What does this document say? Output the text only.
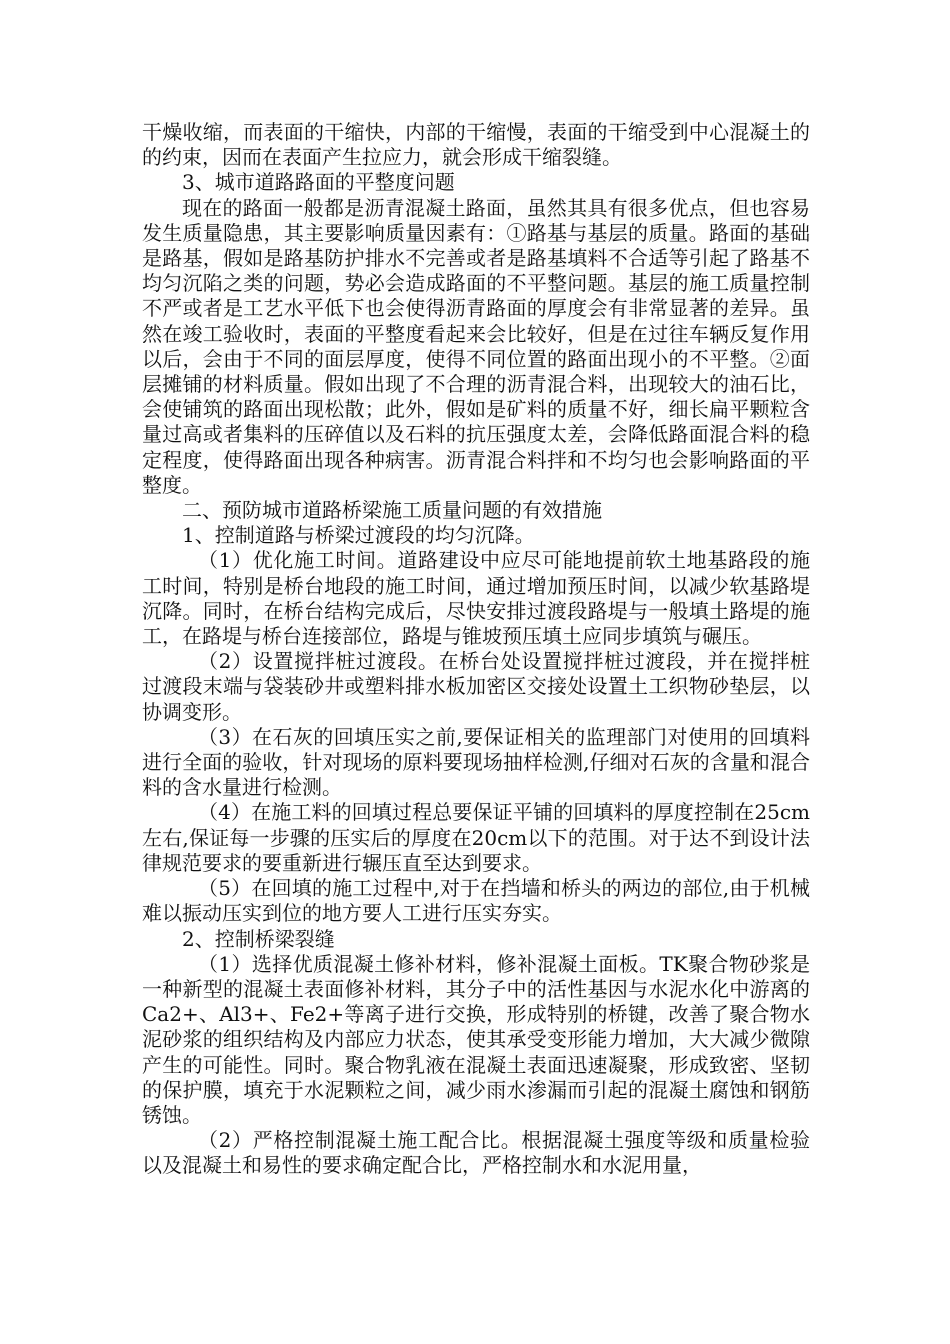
干燥收缩，而表面的干缩快，内部的干缩慢，表面的干缩受到中心混凝土的的约束，因而在表面产生拉应力，就会形成干缩裂缝。

3、城市道路路面的平整度问题

现在的路面一般都是沥青混凝土路面，虽然其具有很多优点，但也容易发生质量隐患，其主要影响质量因素有：①路基与基层的质量。路面的基础是路基，假如是路基防护排水不完善或者是路基填料不合适等引起了路基不均匀沉陷之类的问题，势必会造成路面的不平整问题。基层的施工质量控制不严或者是工艺水平低下也会使得沥青路面的厚度会有非常显著的差异。虽然在竣工验收时，表面的平整度看起来会比较好，但是在过往车辆反复作用以后，会由于不同的面层厚度，使得不同位置的路面出现小的不平整。②面层摊铺的材料质量。假如出现了不合理的沥青混合料，出现较大的油石比，会使铺筑的路面出现松散；此外，假如是矿料的质量不好，细长扁平颗粒含量过高或者集料的压碎值以及石料的抗压强度太差，会降低路面混合料的稳定程度，使得路面出现各种病害。沥青混合料拌和不均匀也会影响路面的平整度。

二、预防城市道路桥梁施工质量问题的有效措施

1、控制道路与桥梁过渡段的均匀沉降。

（1）优化施工时间。道路建设中应尽可能地提前软土地基路段的施工时间，特别是桥台地段的施工时间，通过增加预压时间，以减少软基路堤沉降。同时，在桥台结构完成后，尽快安排过渡段路堤与一般填土路堤的施工，在路堤与桥台连接部位，路堤与锥坡预压填土应同步填筑与碾压。

（2）设置搅拌桩过渡段。在桥台处设置搅拌桩过渡段，并在搅拌桩过渡段末端与袋装砂井或塑料排水板加密区交接处设置土工织物砂垫层，以协调变形。

（3）在石灰的回填压实之前,要保证相关的监理部门对使用的回填料进行全面的验收，针对现场的原料要现场抽样检测,仔细对石灰的含量和混合料的含水量进行检测。

（4）在施工料的回填过程总要保证平铺的回填料的厚度控制在25cm左右,保证每一步骤的压实后的厚度在20cm以下的范围。对于达不到设计法律规范要求的要重新进行辗压直至达到要求。

（5）在回填的施工过程中,对于在挡墙和桥头的两边的部位,由于机械难以振动压实到位的地方要人工进行压实夯实。

2、控制桥梁裂缝

（1）选择优质混凝土修补材料，修补混凝土面板。TK聚合物砂浆是一种新型的混凝土表面修补材料，其分子中的活性基因与水泥水化中游离的Ca2+、Al3+、Fe2+等离子进行交换，形成特别的桥键，改善了聚合物水泥砂浆的组织结构及内部应力状态，使其承受变形能力增加，大大减少微隙产生的可能性。同时。聚合物乳液在混凝土表面迅速凝聚，形成致密、坚韧的保护膜，填充于水泥颗粒之间，减少雨水渗漏而引起的混凝土腐蚀和钢筋锈蚀。

（2）严格控制混凝土施工配合比。根据混凝土强度等级和质量检验以及混凝土和易性的要求确定配合比，严格控制水和水泥用量，
